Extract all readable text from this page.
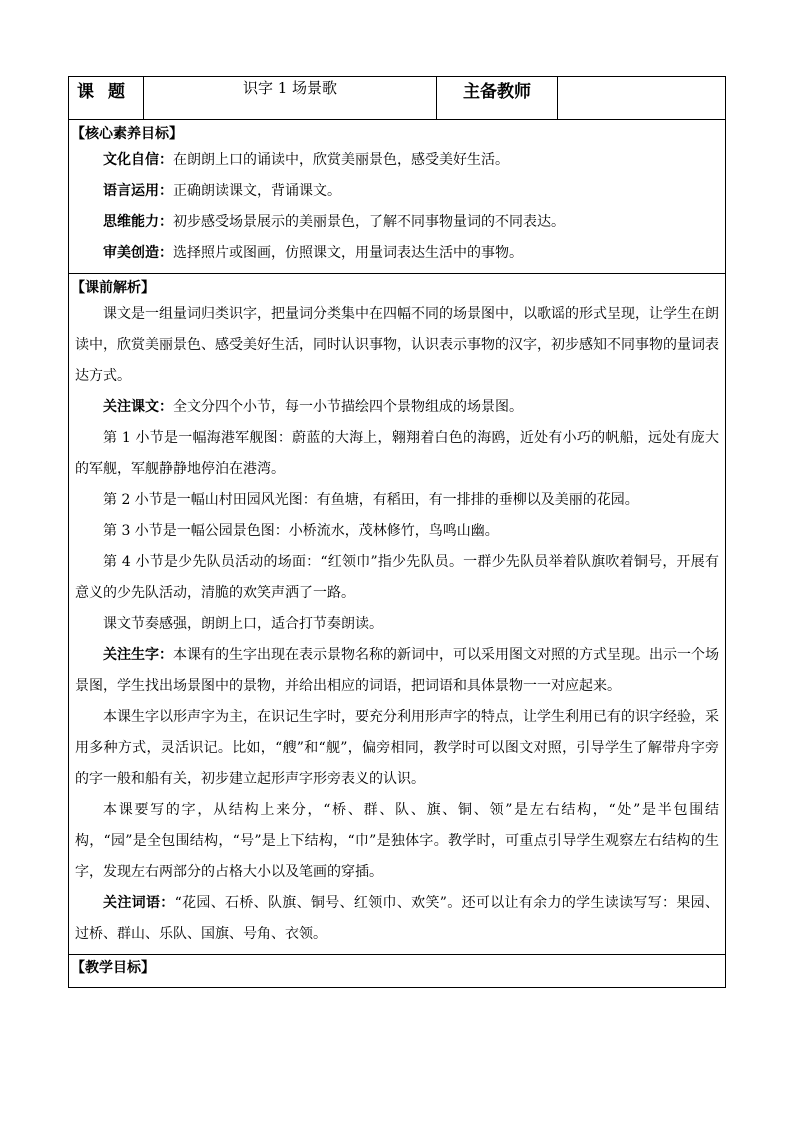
课题	识字 1 场景歌	主备教师	

【核心素养目标】

文化自信：在朗朗上口的诵读中，欣赏美丽景色，感受美好生活。

语言运用：正确朗读课文，背诵课文。

思维能力：初步感受场景展示的美丽景色，了解不同事物量词的不同表达。

审美创造：选择照片或图画，仿照课文，用量词表达生活中的事物。

【课前解析】

课文是一组量词归类识字，把量词分类集中在四幅不同的场景图中，以歌谣的形式呈现，让学生在朗读中，欣赏美丽景色、感受美好生活，同时认识事物，认识表示事物的汉字，初步感知不同事物的量词表达方式。

关注课文：全文分四个小节，每一小节描绘四个景物组成的场景图。

第 1 小节是一幅海港军舰图：蔚蓝的大海上，翱翔着白色的海鸥，近处有小巧的帆船，远处有庞大的军舰，军舰静静地停泊在港湾。

第 2 小节是一幅山村田园风光图：有鱼塘，有稻田，有一排排的垂柳以及美丽的花园。

第 3 小节是一幅公园景色图：小桥流水，茂林修竹，鸟鸣山幽。

第 4 小节是少先队员活动的场面：“红领巾”指少先队员。一群少先队员举着队旗吹着铜号，开展有意义的少先队活动，清脆的欢笑声洒了一路。

课文节奏感强，朗朗上口，适合打节奏朗读。

关注生字：本课有的生字出现在表示景物名称的新词中，可以采用图文对照的方式呈现。出示一个场景图，学生找出场景图中的景物，并给出相应的词语，把词语和具体景物一一对应起来。

本课生字以形声字为主，在识记生字时，要充分利用形声字的特点，让学生利用已有的识字经验，采用多种方式，灵活识记。比如，“艘”和“舰”，偏旁相同，教学时可以图文对照，引导学生了解带舟字旁的字一般和船有关，初步建立起形声字形旁表义的认识。

本课要写的字，从结构上来分，“桥、群、队、旗、铜、领”是左右结构，“处”是半包围结构，“园”是全包围结构，“号”是上下结构，“巾”是独体字。教学时，可重点引导学生观察左右结构的生字，发现左右两部分的占格大小以及笔画的穿插。

关注词语：“花园、石桥、队旗、铜号、红领巾、欢笑”。还可以让有余力的学生读读写写：果园、过桥、群山、乐队、国旗、号角、衣领。

【教学目标】
